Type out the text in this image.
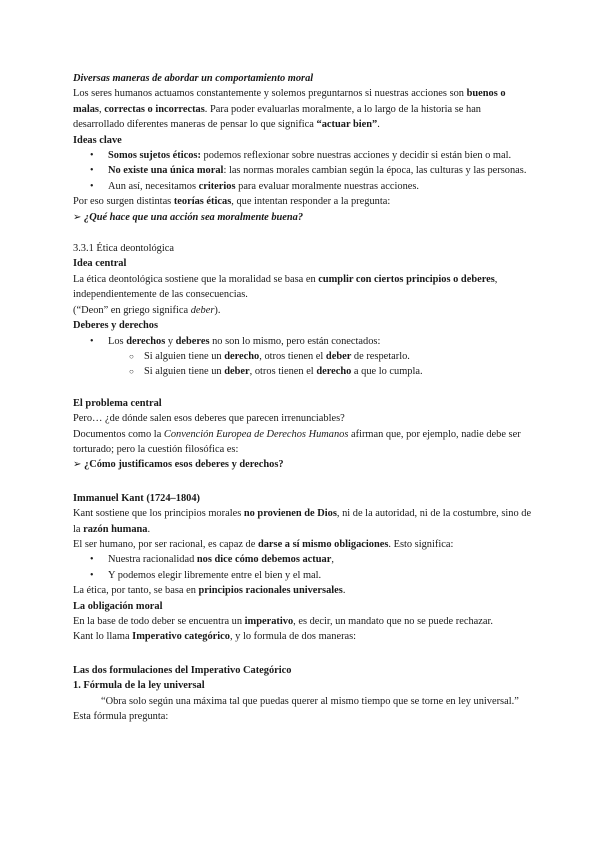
Diversas maneras de abordar un comportamiento moral

Los seres humanos actuamos constantemente y solemos preguntarnos si nuestras acciones son buenos o malas, correctas o incorrectas. Para poder evaluarlas moralmente, a lo largo de la historia se han desarrollado diferentes maneras de pensar lo que significa “actuar bien”.

Ideas clave

• Somos sujetos éticos: podemos reflexionar sobre nuestras acciones y decidir si están bien o mal.
• No existe una única moral: las normas morales cambian según la época, las culturas y las personas.
• Aun así, necesitamos criterios para evaluar moralmente nuestras acciones.

Por eso surgen distintas teorías éticas, que intentan responder a la pregunta:

➢ ¿Qué hace que una acción sea moralmente buena?

3.3.1 Ética deontológica

Idea central

La ética deontológica sostiene que la moralidad se basa en cumplir con ciertos principios o deberes, independientemente de las consecuencias.

(“Deon” en griego significa deber).

Deberes y derechos

• Los derechos y deberes no son lo mismo, pero están conectados:
○ Si alguien tiene un derecho, otros tienen el deber de respetarlo.
○ Si alguien tiene un deber, otros tienen el derecho a que lo cumpla.

El problema central

Pero… ¿de dónde salen esos deberes que parecen irrenunciables?

Documentos como la Convención Europea de Derechos Humanos afirman que, por ejemplo, nadie debe ser torturado; pero la cuestión filosófica es:

➢ ¿Cómo justificamos esos deberes y derechos?

Immanuel Kant (1724–1804)

Kant sostiene que los principios morales no provienen de Dios, ni de la autoridad, ni de la costumbre, sino de la razón humana.

El ser humano, por ser racional, es capaz de darse a sí mismo obligaciones. Esto significa:

• Nuestra racionalidad nos dice cómo debemos actuar,
• Y podemos elegir libremente entre el bien y el mal.

La ética, por tanto, se basa en principios racionales universales.

La obligación moral

En la base de todo deber se encuentra un imperativo, es decir, un mandato que no se puede rechazar.

Kant lo llama Imperativo categórico, y lo formula de dos maneras:

Las dos formulaciones del Imperativo Categórico

1. Fórmula de la ley universal

“Obra solo según una máxima tal que puedas querer al mismo tiempo que se torne en ley universal.”

Esta fórmula pregunta:
